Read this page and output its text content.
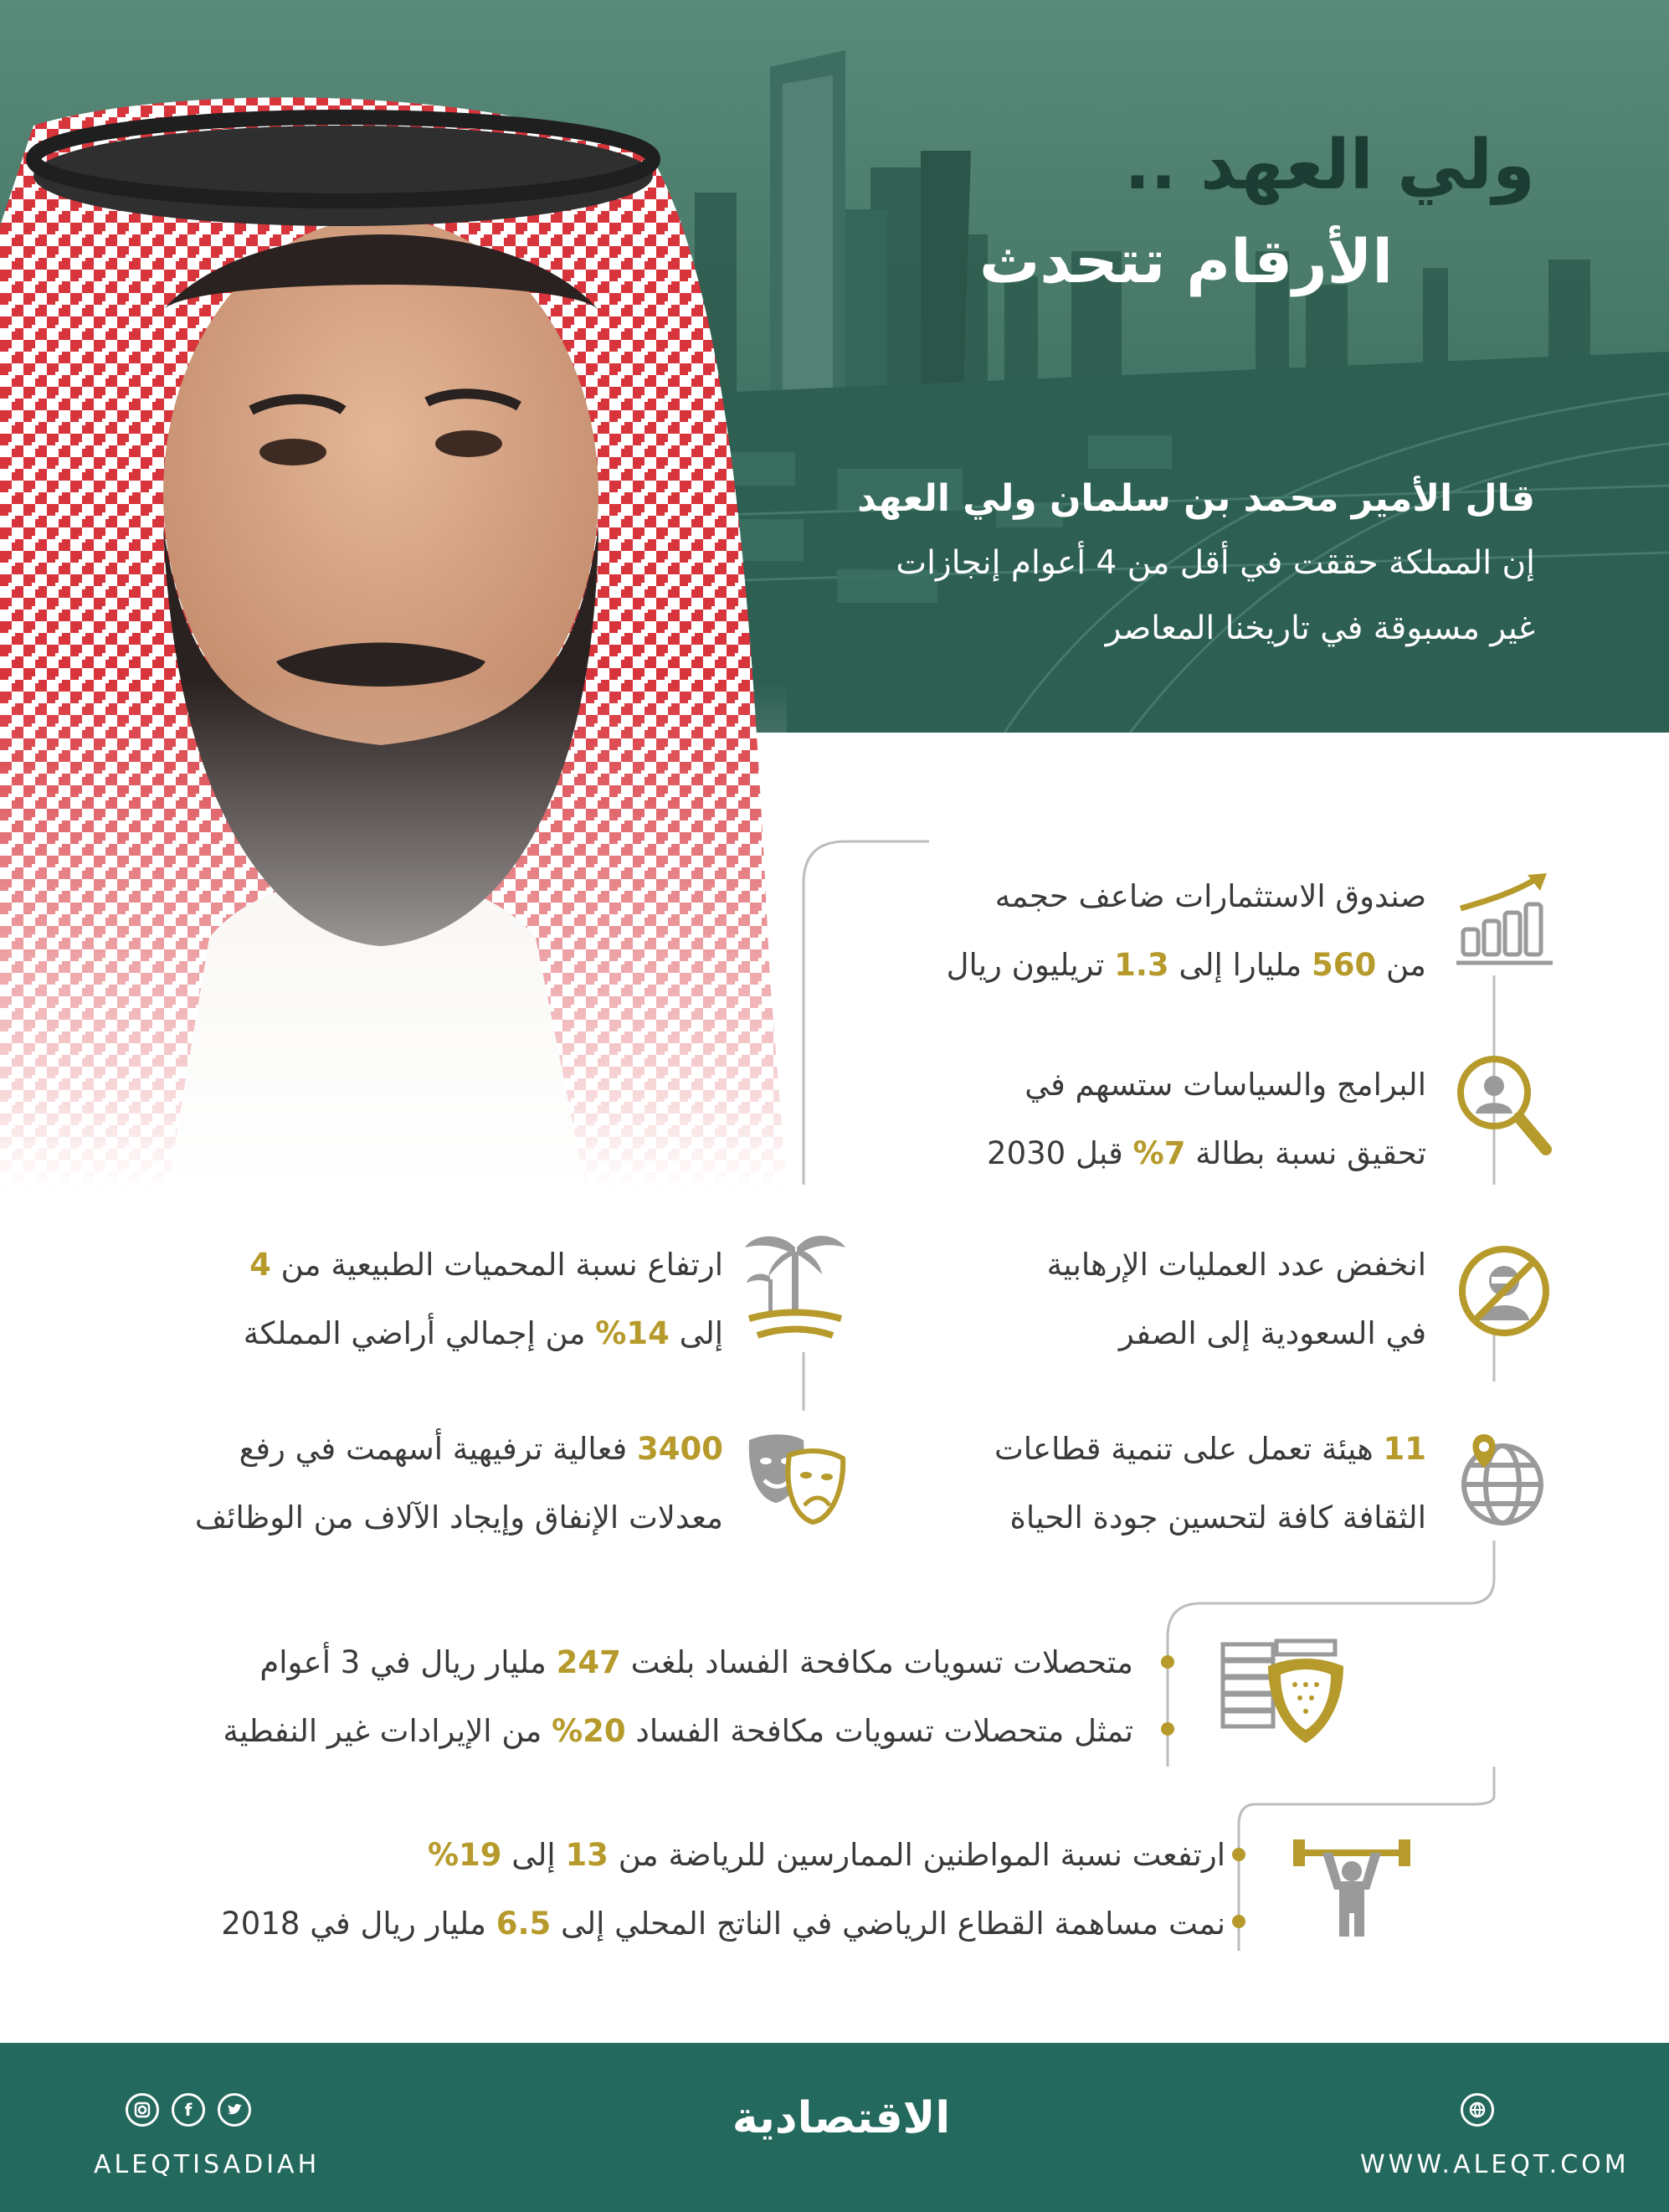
ولي العهد ..
الأرقام تتحدث
قال الأمير محمد بن سلمان ولي العهد
إن المملكة حققت في أقل من 4 أعوام إنجازات
غير مسبوقة في تاريخنا المعاصر
صندوق الاستثمارات ضاعف حجمه
من 560 مليارا إلى 1.3 تريليون ريال
البرامج والسياسات ستسهم في
تحقيق نسبة بطالة 7% قبل 2030
انخفض عدد العمليات الإرهابية
في السعودية إلى الصفر
11 هيئة تعمل على تنمية قطاعات
الثقافة كافة لتحسين جودة الحياة
ارتفاع نسبة المحميات الطبيعية من 4
إلى 14% من إجمالي أراضي المملكة
3400 فعالية ترفيهية أسهمت في رفع
معدلات الإنفاق وإيجاد الآلاف من الوظائف
متحصلات تسويات مكافحة الفساد بلغت 247 مليار ريال في 3 أعوام
تمثل متحصلات تسويات مكافحة الفساد 20% من الإيرادات غير النفطية
ارتفعت نسبة المواطنين الممارسين للرياضة من 13 إلى 19%
نمت مساهمة القطاع الرياضي في الناتج المحلي إلى 6.5 مليار ريال في 2018
f
ALEQTISADIAH
الاقتصادية
WWW.ALEQT.COM
